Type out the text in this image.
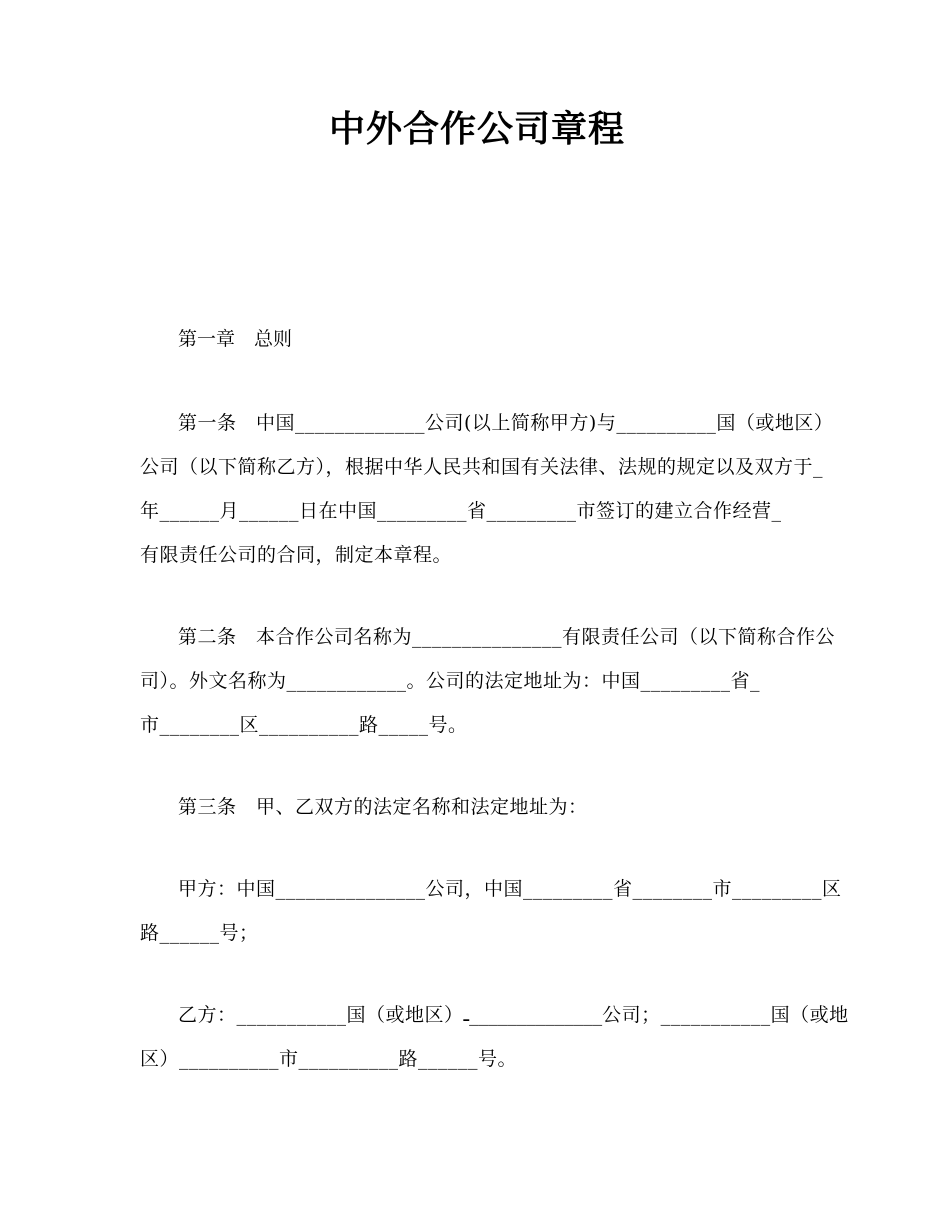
中外合作公司章程
第一章　总则
第一条　中国_____________公司(以上简称甲方)与__________国（或地区）
公司（以下简称乙方），根据中华人民共和国有关法律、法规的规定以及双方于_
年______月______日在中国_________省_________市签订的建立合作经营_
有限责任公司的合同，制定本章程。
第二条　本合作公司名称为_______________有限责任公司（以下简称合作公
司）。外文名称为____________。公司的法定地址为：中国_________省_
市________区__________路_____号。
第三条　甲、乙双方的法定名称和法定地址为：
甲方：中国_______________公司，中国_________省________市_________区
路______号；
乙方：___________国（或地区）ـ______________公司；___________国（或地
区）__________市__________路______号。
